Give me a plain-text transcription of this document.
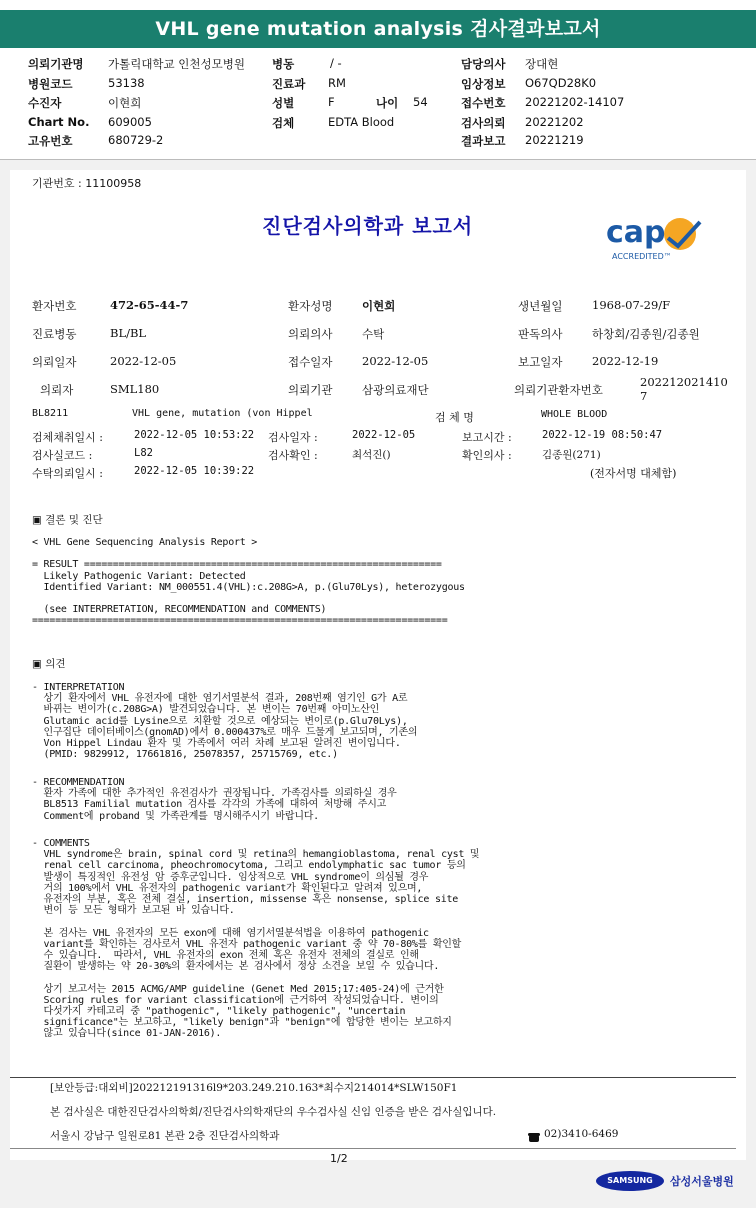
VHL gene mutation analysis 검사결과보고서
의뢰기관명 가톨릭대학교 인천성모병원
병원코드	53138
수진자	이현희
Chart No. 609005
고유번호	680729-2
병동	/ -
진료과 RM
성별	F	나이 54
검체	EDTA Blood
담당의사 장대현
임상정보 O67QD28K0
접수번호 20221202-14107
검사의뢰 20221202
결과보고 20221219
기관번호 : 11100958
진단검사의학과 보고서	cap
ACCREDITED™
환자번호	472-65-44-7	환자성명	이현희	생년월일	1968-07-29/F
진료병동	BL/BL	의뢰의사	수탁	판독의사	하창회/김종원/김종원
의뢰일자	2022-12-05	접수일자	2022-12-05	보고일자	2022-12-19
의뢰자	SML180	의뢰기관	삼광의료재단	의뢰기관환자번호
202212021410
7
BL8211	VHL gene, mutation (von Hippel	검 체 명	WHOLE BLOOD
검체채취일시 :	2022-12-05 10:53:22 검사일자 :	2022-12-05	보고시간 :	2022-12-19 08:50:47
검사실코드 :	L82	검사확인 :	최석진()	확인의사 :	김종원(271)
수탁의뢰일시 :	2022-12-05 10:39:22	(전자서명 대체함)
▣ 결론 및 진단
< VHL Gene Sequencing Analysis Report >

= RESULT ==============================================================
Likely Pathogenic Variant: Detected
Identified Variant: NM_000551.4(VHL):c.208G>A, p.(Glu70Lys), heterozygous

(see INTERPRETATION, RECOMMENDATION and COMMENTS)
========================================================================
▣ 의견
- INTERPRETATION
상기 환자에서 VHL 유전자에 대한 염기서열분석 결과, 208번째 염기인 G가 A로
바뀌는 변이가(c.208G>A) 발견되었습니다. 본 변이는 70번째 아미노산인
Glutamic acid를 Lysine으로 치환할 것으로 예상되는 변이로(p.Glu70Lys),
인구집단 데이터베이스(gnomAD)에서 0.000437%로 매우 드물게 보고되며, 기존의
Von Hippel Lindau 환자 및 가족에서 여러 차례 보고된 알려진 변이입니다.
(PMID: 9829912, 17661816, 25078357, 25715769, etc.)
- RECOMMENDATION
환자 가족에 대한 추가적인 유전검사가 권장됩니다. 가족검사를 의뢰하실 경우
BL8513 Familial mutation 검사를 각각의 가족에 대하여 처방해 주시고
Comment에 proband 및 가족관계를 명시해주시기 바랍니다.
- COMMENTS
VHL syndrome은 brain, spinal cord 및 retina의 hemangioblastoma, renal cyst 및
renal cell carcinoma, pheochromocytoma, 그리고 endolymphatic sac tumor 등의
발생이 특징적인 유전성 암 증후군입니다. 임상적으로 VHL syndrome이 의심될 경우
거의 100%에서 VHL 유전자의 pathogenic variant가 확인된다고 알려져 있으며,
유전자의 부분, 혹은 전체 결실, insertion, missense 혹은 nonsense, splice site
변이 등 모든 형태가 보고된 바 있습니다.

본 검사는 VHL 유전자의 모든 exon에 대해 염기서열분석법을 이용하여 pathogenic
variant를 확인하는 검사로서 VHL 유전자 pathogenic variant 중 약 70-80%를 확인할
수 있습니다.  따라서, VHL 유전자의 exon 전체 혹은 유전자 전체의 결실로 인해
질환이 발생하는 약 20-30%의 환자에서는 본 검사에서 정상 소견을 보일 수 있습니다.

상기 보고서는 2015 ACMG/AMP guideline (Genet Med 2015;17:405-24)에 근거한
Scoring rules for variant classification에 근거하여 작성되었습니다. 변이의
다섯가지 카테고리 중 "pathogenic", "likely pathogenic", "uncertain
significance"는 보고하고, "likely benign"과 "benign"에 합당한 변이는 보고하지
않고 있습니다(since 01-JAN-2016).
[보안등급:대외비]202212191316l9*203.249.210.163*최수지214014*SLW150F1
본 검사실은 대한진단검사의학회/진단검사의학재단의 우수검사실 신임 인증을 받은 검사실입니다.
서울시 강남구 일원로81 본관 2층 진단검사의학과	02)3410-6469
1/2
SAMSUNG	삼성서울병원
